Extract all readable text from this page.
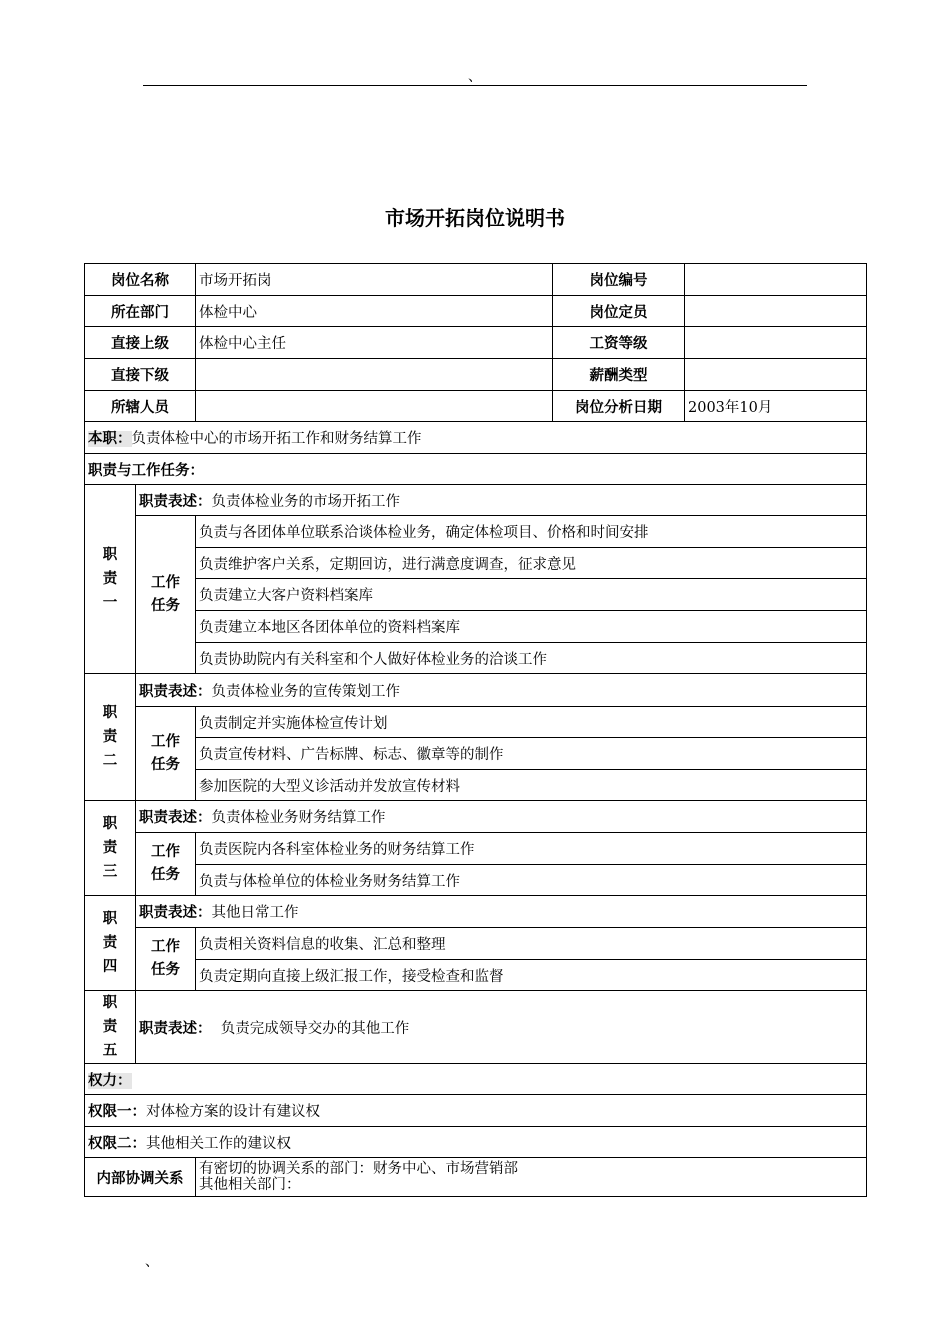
、
市场开拓岗位说明书
岗位名称		市场开拓岗	岗位编号	
所在部门		体检中心	岗位定员	
直接上级		体检中心主任	工资等级	
直接下级			薪酬类型	
所辖人员			岗位分析日期	2003年10月
本职：负责体检中心的市场开拓工作和财务结算工作				
职责与工作任务：				
职责一	职责表述：负责体检业务的市场开拓工作			
	工作任务	负责与各团体单位联系洽谈体检业务，确定体检项目、价格和时间安排		
		负责维护客户关系，定期回访，进行满意度调查，征求意见		
		负责建立大客户资料档案库		
		负责建立本地区各团体单位的资料档案库		
		负责协助院内有关科室和个人做好体检业务的洽谈工作		
职责二	职责表述：负责体检业务的宣传策划工作			
	工作任务	负责制定并实施体检宣传计划		
		负责宣传材料、广告标牌、标志、徽章等的制作		
		参加医院的大型义诊活动并发放宣传材料		
职责三	职责表述：负责体检业务财务结算工作			
	工作任务	负责医院内各科室体检业务的财务结算工作		
		负责与体检单位的体检业务财务结算工作		
职责四	职责表述：其他日常工作			
	工作任务	负责相关资料信息的收集、汇总和整理		
		负责定期向直接上级汇报工作，接受检查和监督		
职责五	职责表述： 负责完成领导交办的其他工作			
权力：				
权限一：对体检方案的设计有建议权				
权限二：其他相关工作的建议权				
内部协调关系		有密切的协调关系的部门：财务中心、市场营销部
其他相关部门：		
、
